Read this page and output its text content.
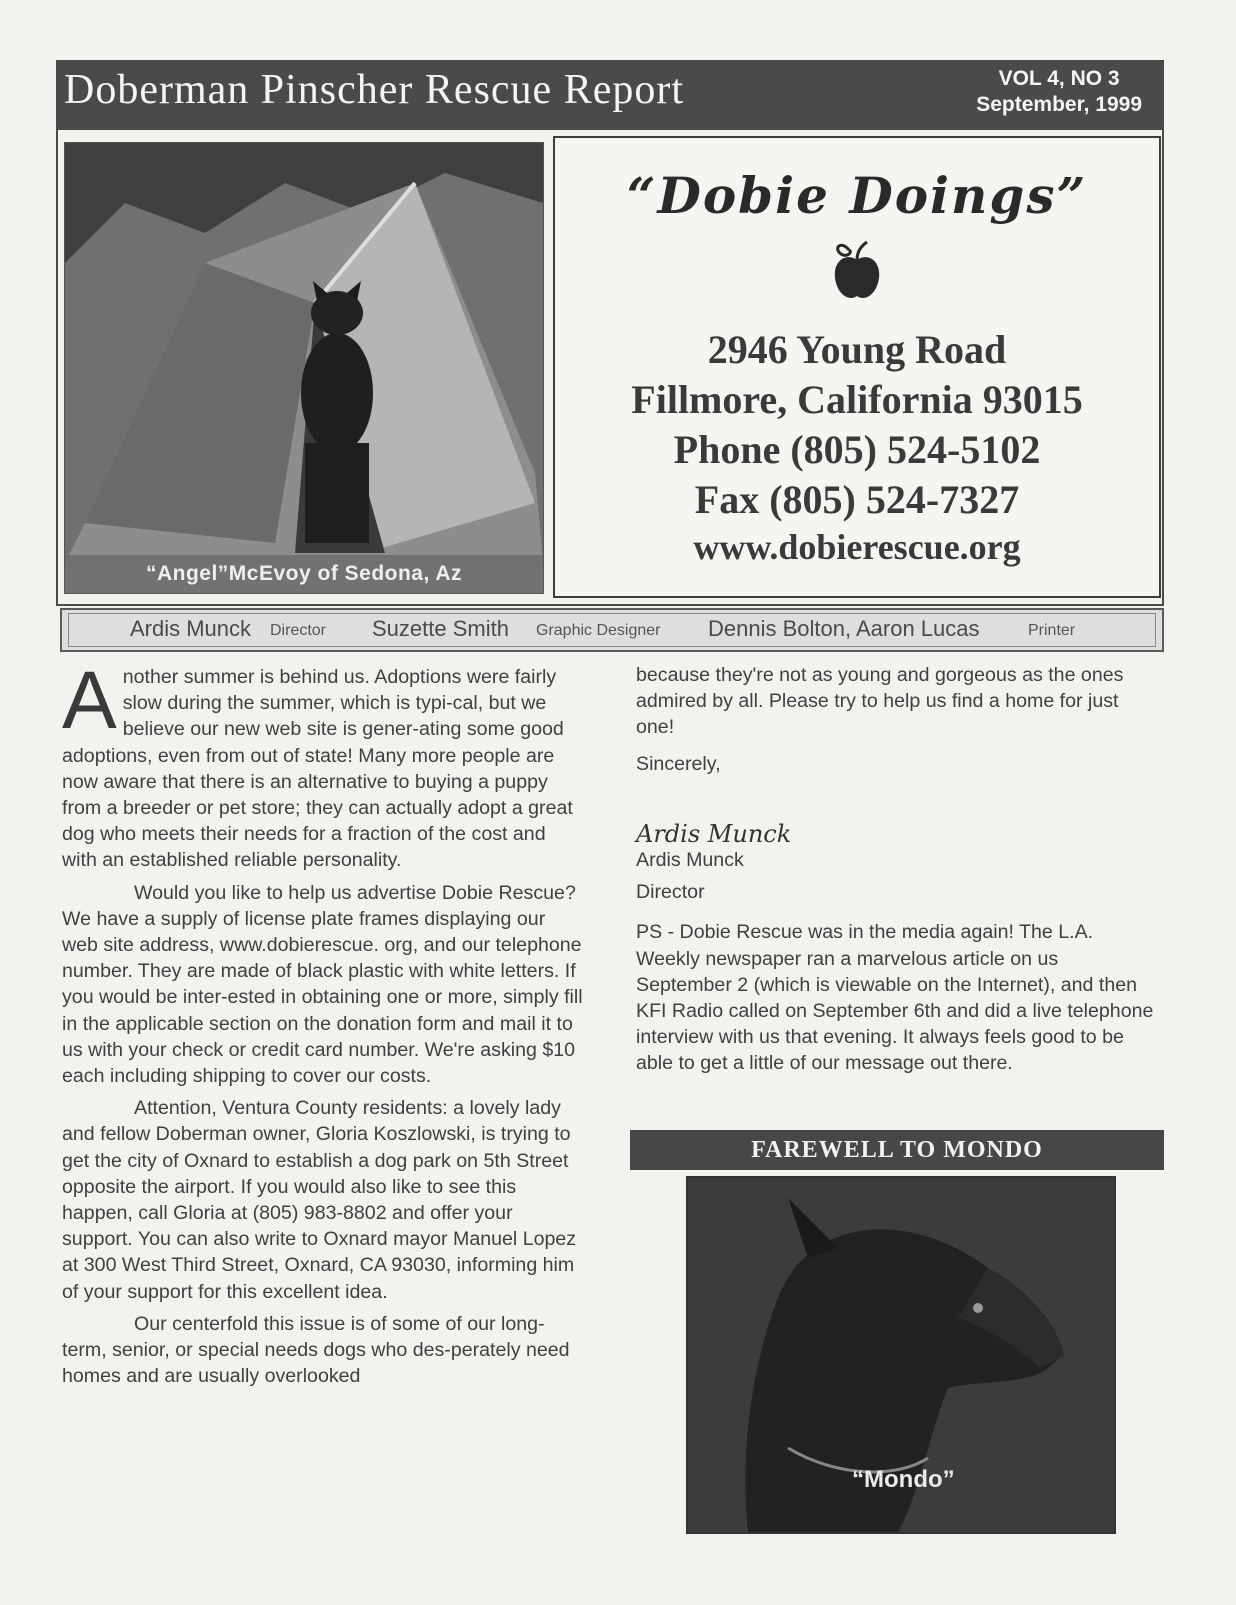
Doberman Pinscher Rescue Report	VOL 4, NO 3
September, 1999
“Angel”McEvoy of Sedona, Az
“Dobie Doings”
2946 Young Road
Fillmore, California 93015
Phone (805) 524-5102
Fax (805) 524-7327
www.dobierescue.org
Ardis Munck Director Suzette Smith Graphic Designer Dennis Bolton, Aaron Lucas	Printer

Another summer is behind us. Adoptions were fairly slow during the summer, which is typi-cal, but we believe our new web site is gener-ating some good adoptions, even from out of state! Many more people are now aware that there is an alternative to buying a puppy from a breeder or pet store; they can actually adopt a great dog who meets their needs for a fraction of the cost and with an established reliable personality.

Would you like to help us advertise Dobie Rescue? We have a supply of license plate frames displaying our web site address, www.dobierescue. org, and our telephone number. They are made of black plastic with white letters. If you would be inter-ested in obtaining one or more, simply fill in the applicable section on the donation form and mail it to us with your check or credit card number. We're asking $10 each including shipping to cover our costs.

Attention, Ventura County residents: a lovely lady and fellow Doberman owner, Gloria Koszlowski, is trying to get the city of Oxnard to establish a dog park on 5th Street opposite the airport. If you would also like to see this happen, call Gloria at (805) 983-8802 and offer your support. You can also write to Oxnard mayor Manuel Lopez at 300 West Third Street, Oxnard, CA 93030, informing him of your support for this excellent idea.

Our centerfold this issue is of some of our long-term, senior, or special needs dogs who des-perately need homes and are usually overlooked

because they're not as young and gorgeous as the ones admired by all. Please try to help us find a home for just one!

Sincerely,

Ardis Munck

Ardis Munck

Director

PS - Dobie Rescue was in the media again! The L.A. Weekly newspaper ran a marvelous article on us September 2 (which is viewable on the Internet), and then KFI Radio called on September 6th and did a live telephone interview with us that evening. It always feels good to be able to get a little of our message out there.

FAREWELL TO MONDO
“Mondo”
